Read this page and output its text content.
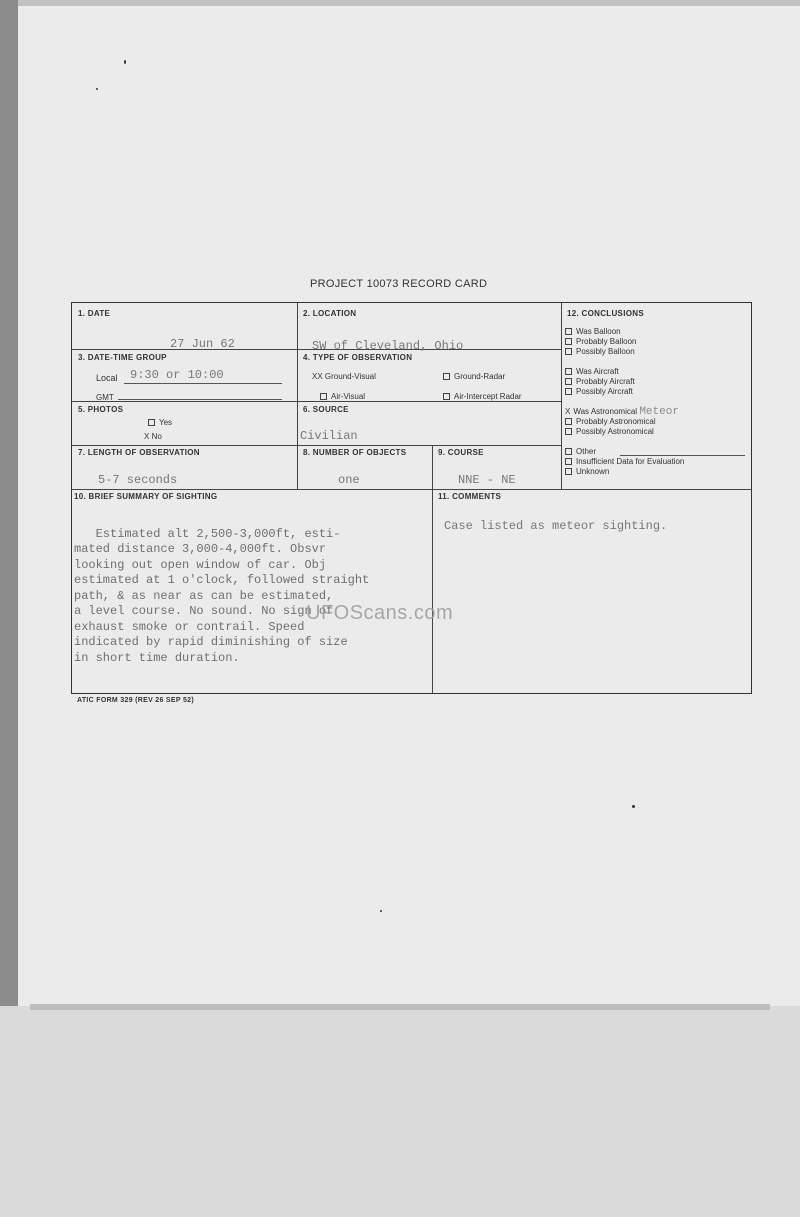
PROJECT 10073 RECORD CARD
1. DATE
27 Jun 62
2. LOCATION
SW of Cleveland, Ohio
3. DATE-TIME GROUP
Local 9:30 or 10:00
GMT
4. TYPE OF OBSERVATION
XX Ground-Visual	Ground-Radar
Air-Visual	Air-Intercept Radar
5. PHOTOS
Yes
X No
6. SOURCE
Civilian
7. LENGTH OF OBSERVATION
5-7 seconds
8. NUMBER OF OBJECTS
one
9. COURSE
NNE - NE
10. BRIEF SUMMARY OF SIGHTING

Estimated alt 2,500-3,000ft, esti-
mated distance 3,000-4,000ft. Obsvr
looking out open window of car. Obj
estimated at 1 o'clock, followed straight
path, & as near as can be estimated,
a level course. No sound. No sign of
exhaust smoke or contrail. Speed
indicated by rapid diminishing of size
in short time duration.
11. COMMENTS
Case listed as meteor sighting.
12. CONCLUSIONS
Was Balloon
Probably Balloon
Possibly Balloon
Was Aircraft
Probably Aircraft
Possibly Aircraft
X Was Astronomical Meteor
Probably Astronomical
Possibly Astronomical
Other
Insufficient Data for Evaluation
Unknown
UFOScans.com
ATIC FORM 329 (REV 26 SEP 52)
